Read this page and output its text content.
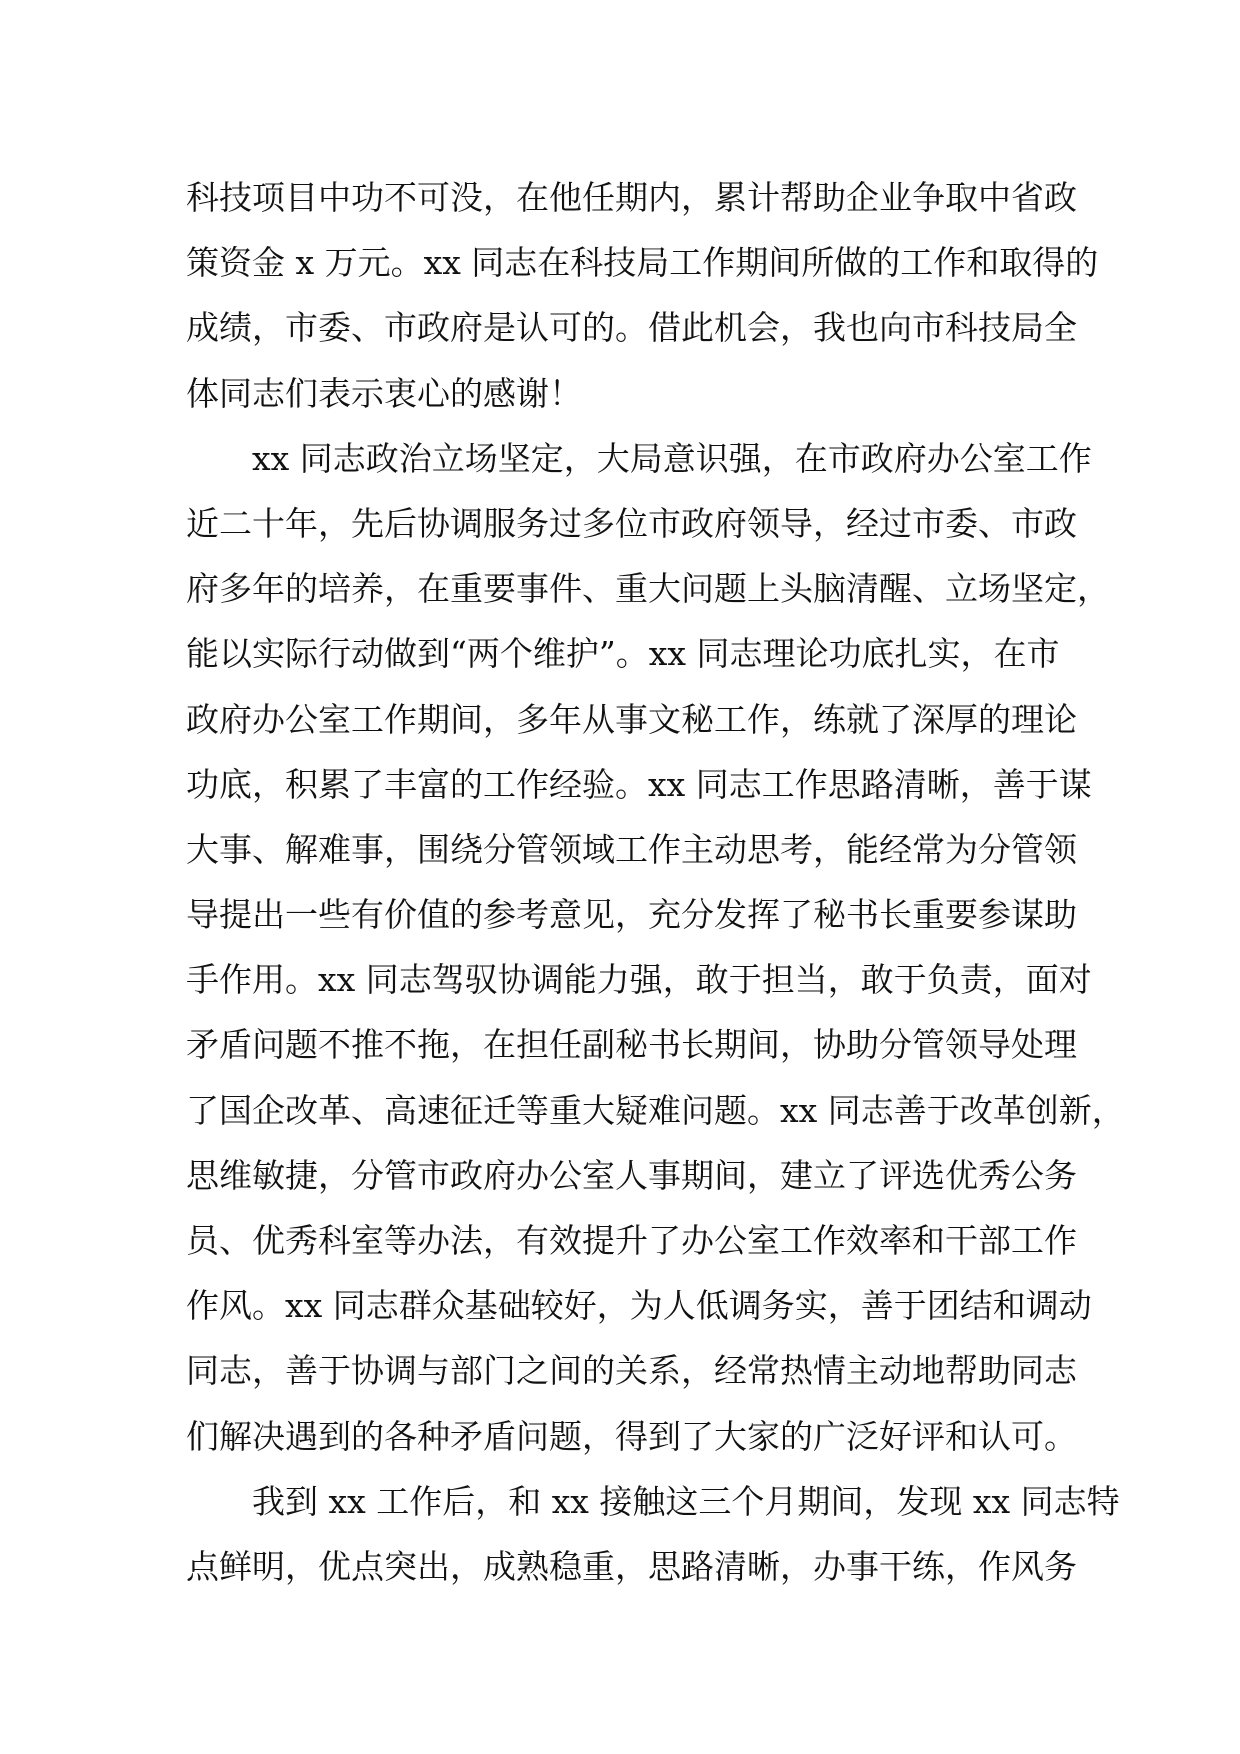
科技项目中功不可没，在他任期内，累计帮助企业争取中省政
策资金 x 万元。xx 同志在科技局工作期间所做的工作和取得的
成绩，市委、市政府是认可的。借此机会，我也向市科技局全
体同志们表示衷心的感谢！
　　xx 同志政治立场坚定，大局意识强，在市政府办公室工作
近二十年，先后协调服务过多位市政府领导，经过市委、市政
府多年的培养，在重要事件、重大问题上头脑清醒、立场坚定，
能以实际行动做到“两个维护”。xx 同志理论功底扎实，在市
政府办公室工作期间，多年从事文秘工作，练就了深厚的理论
功底，积累了丰富的工作经验。xx 同志工作思路清晰，善于谋
大事、解难事，围绕分管领域工作主动思考，能经常为分管领
导提出一些有价值的参考意见，充分发挥了秘书长重要参谋助
手作用。xx 同志驾驭协调能力强，敢于担当，敢于负责，面对
矛盾问题不推不拖，在担任副秘书长期间，协助分管领导处理
了国企改革、高速征迁等重大疑难问题。xx 同志善于改革创新，
思维敏捷，分管市政府办公室人事期间，建立了评选优秀公务
员、优秀科室等办法，有效提升了办公室工作效率和干部工作
作风。xx 同志群众基础较好，为人低调务实，善于团结和调动
同志，善于协调与部门之间的关系，经常热情主动地帮助同志
们解决遇到的各种矛盾问题，得到了大家的广泛好评和认可。
　　我到 xx 工作后，和 xx 接触这三个月期间，发现 xx 同志特
点鲜明，优点突出，成熟稳重，思路清晰，办事干练，作风务
